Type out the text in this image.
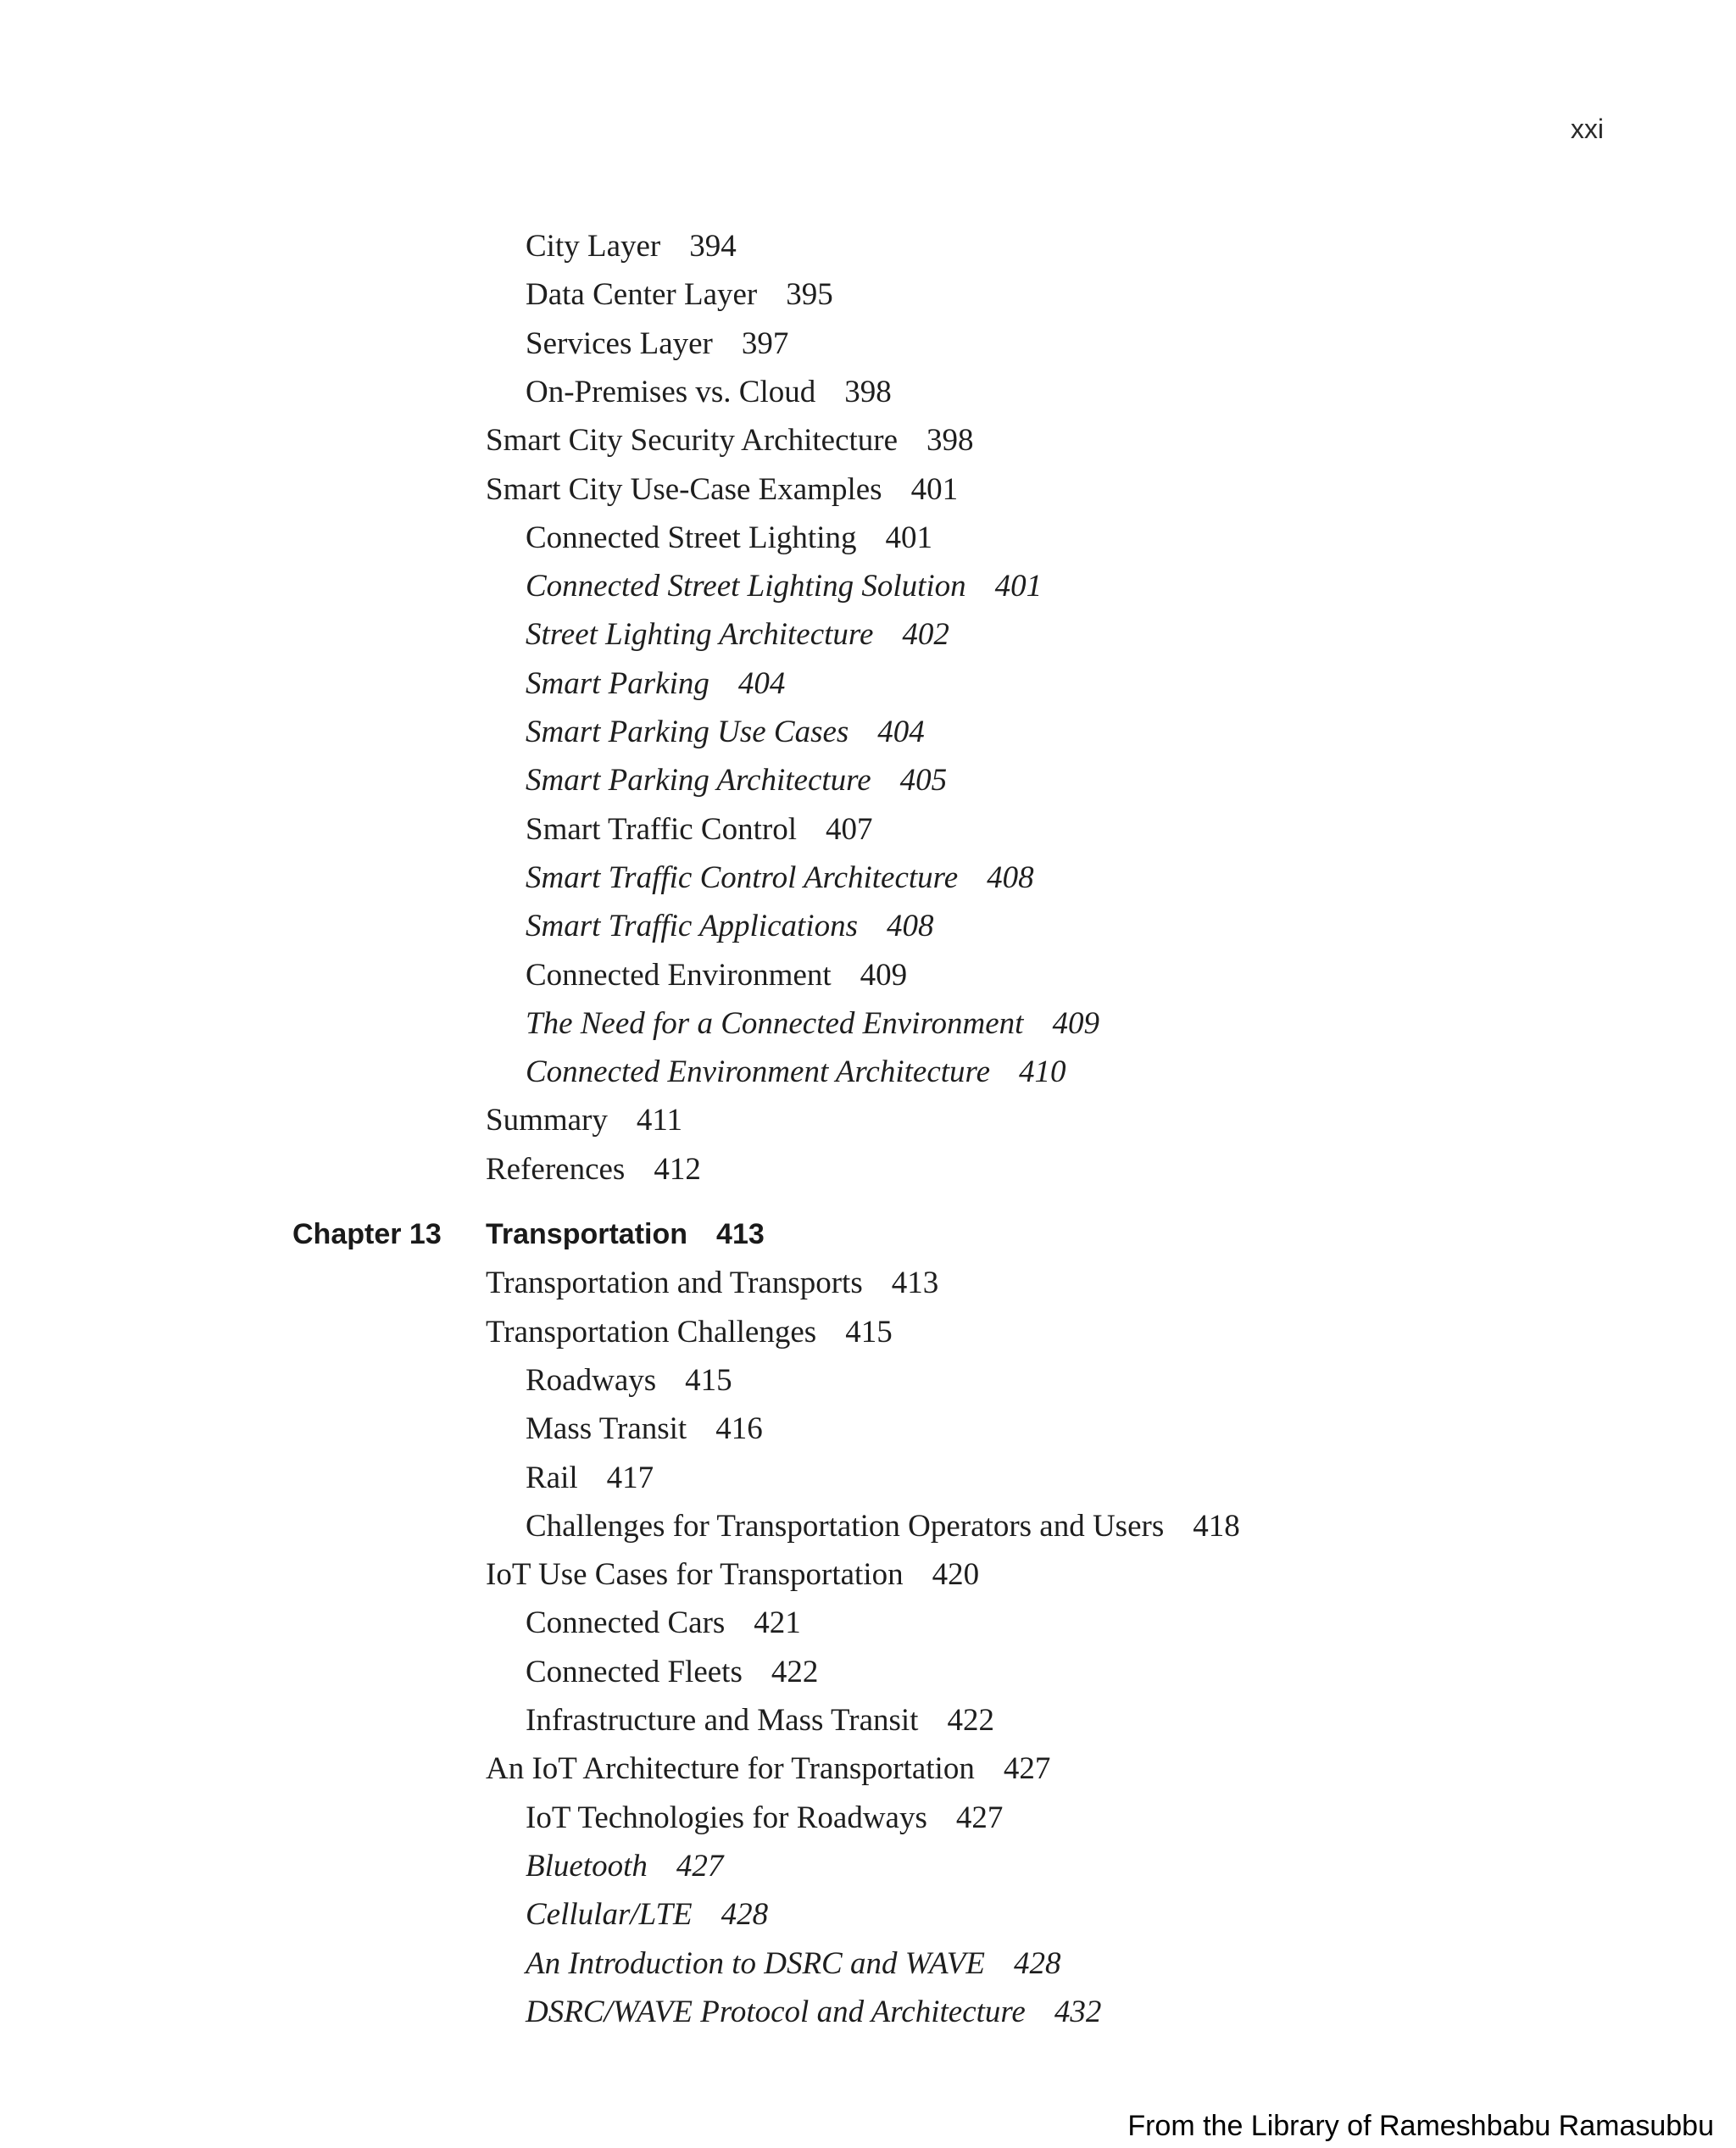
xxi
Chapter 13 Transportation 413
City Layer 394
Data Center Layer 395
Services Layer 397
On-Premises vs. Cloud 398
Smart City Security Architecture 398
Smart City Use-Case Examples 401
Connected Street Lighting 401
Connected Street Lighting Solution 401
Street Lighting Architecture 402
Smart Parking 404
Smart Parking Use Cases 404
Smart Parking Architecture 405
Smart Traffic Control 407
Smart Traffic Control Architecture 408
Smart Traffic Applications 408
Connected Environment 409
The Need for a Connected Environment 409
Connected Environment Architecture 410
Summary 411
References 412
Transportation and Transports 413
Transportation Challenges 415
Roadways 415
Mass Transit 416
Rail 417
Challenges for Transportation Operators and Users 418
IoT Use Cases for Transportation 420
Connected Cars 421
Connected Fleets 422
Infrastructure and Mass Transit 422
An IoT Architecture for Transportation 427
IoT Technologies for Roadways 427
Bluetooth 427
Cellular/LTE 428
An Introduction to DSRC and WAVE 428
DSRC/WAVE Protocol and Architecture 432
From the Library of Rameshbabu Ramasubbu
